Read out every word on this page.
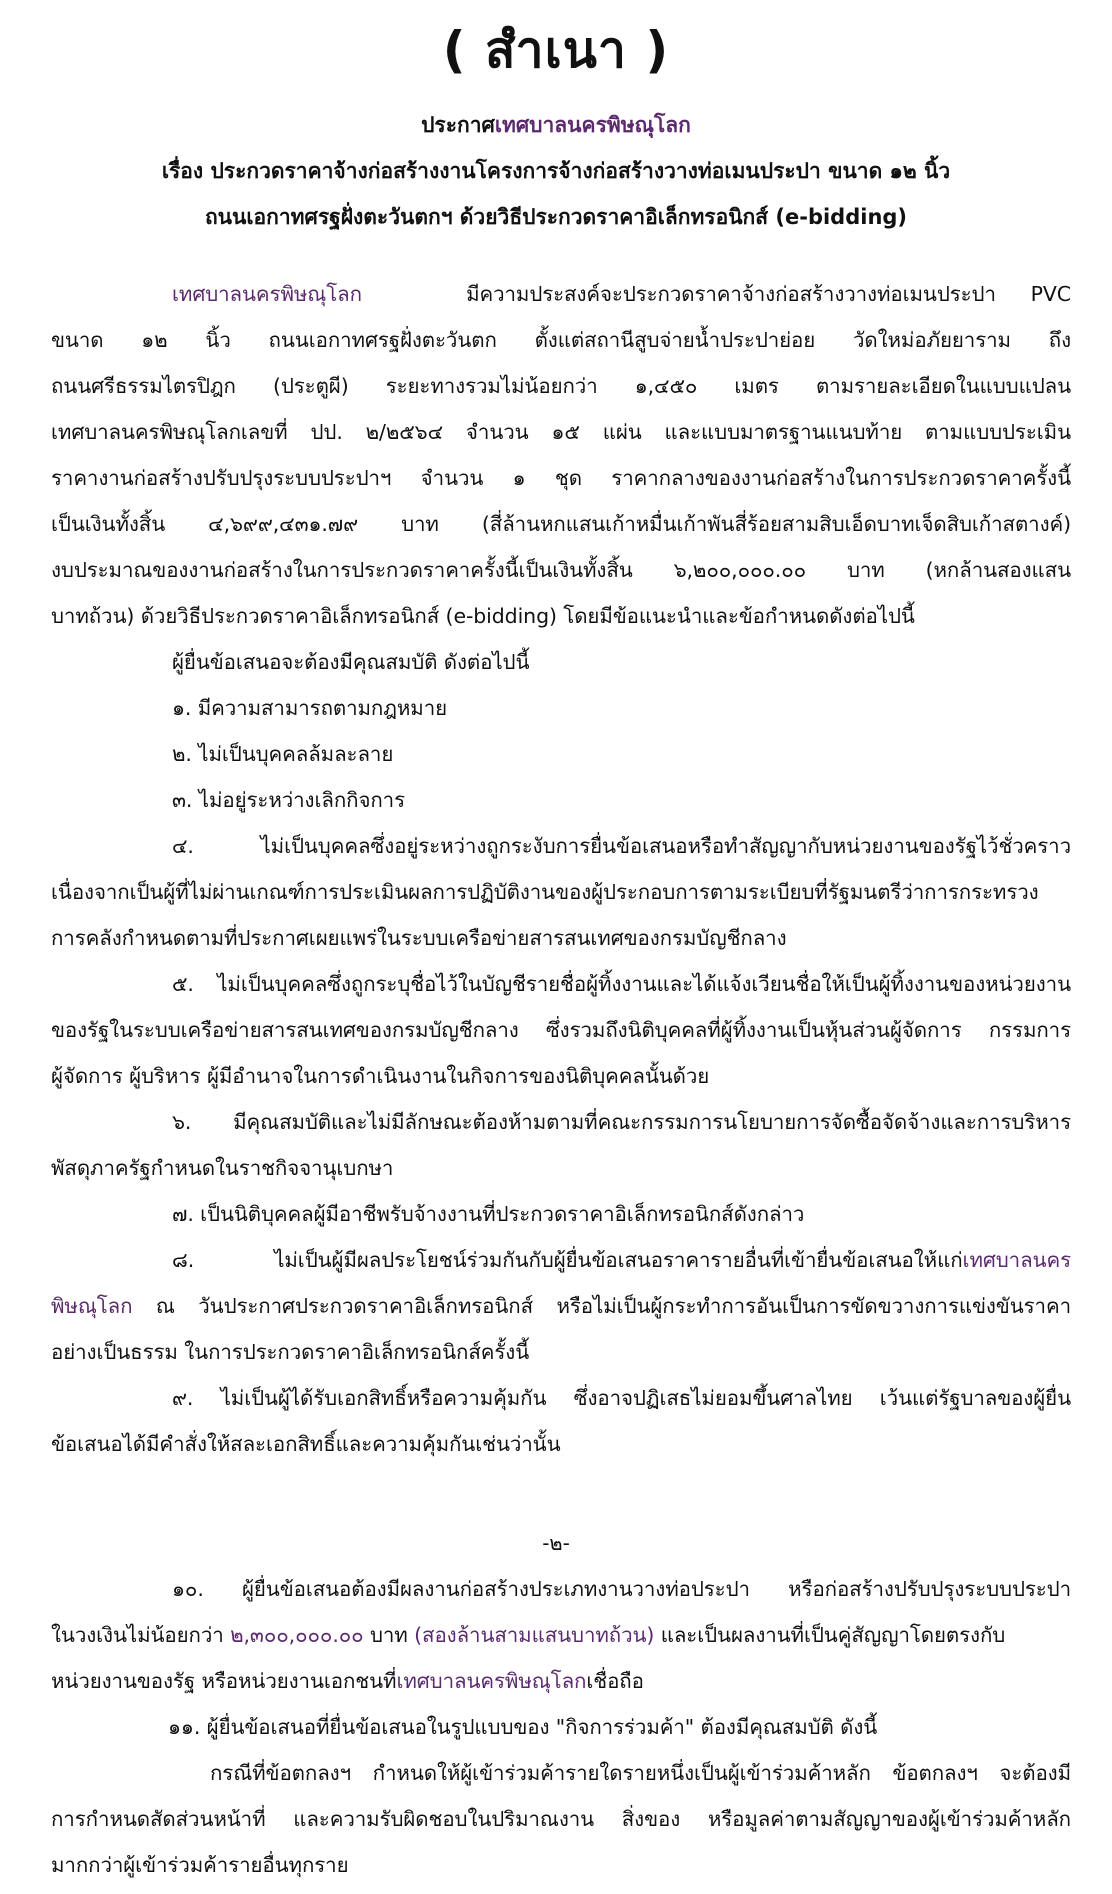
( สำเนา )
ประกาศเทศบาลนครพิษณุโลก
เรื่อง ประกวดราคาจ้างก่อสร้างงานโครงการจ้างก่อสร้างวางท่อเมนประปา ขนาด ๑๒ นิ้ว
ถนนเอกาทศรฐฝั่งตะวันตกฯ ด้วยวิธีประกวดราคาอิเล็กทรอนิกส์ (e-bidding)
เทศบาลนครพิษณุโลก	มีความประสงค์จะประกวดราคาจ้างก่อสร้างวางท่อเมนประปา PVC
ขนาด ๑๒ นิ้ว ถนนเอกาทศรฐฝั่งตะวันตก ตั้งแต่สถานีสูบจ่ายน้ำประปาย่อย วัดใหม่อภัยยาราม ถึง
ถนนศรีธรรมไตรปิฎก (ประตูผี) ระยะทางรวมไม่น้อยกว่า ๑,๔๕๐ เมตร ตามรายละเอียดในแบบแปลน
เทศบาลนครพิษณุโลกเลขที่ ปป. ๒/๒๕๖๔ จำนวน ๑๕ แผ่น และแบบมาตรฐานแนบท้าย ตามแบบประเมิน
ราคางานก่อสร้างปรับปรุงระบบประปาฯ จำนวน ๑ ชุด ราคากลางของงานก่อสร้างในการประกวดราคาครั้งนี้
เป็นเงินทั้งสิ้น ๔,๖๙๙,๔๓๑.๗๙ บาท (สี่ล้านหกแสนเก้าหมื่นเก้าพันสี่ร้อยสามสิบเอ็ดบาทเจ็ดสิบเก้าสตางค์)
งบประมาณของงานก่อสร้างในการประกวดราคาครั้งนี้เป็นเงินทั้งสิ้น ๖,๒๐๐,๐๐๐.๐๐ บาท (หกล้านสองแสน
บาทถ้วน) ด้วยวิธีประกวดราคาอิเล็กทรอนิกส์ (e-bidding) โดยมีข้อแนะนำและข้อกำหนดดังต่อไปนี้
ผู้ยื่นข้อเสนอจะต้องมีคุณสมบัติ ดังต่อไปนี้
๑. มีความสามารถตามกฎหมาย
๒. ไม่เป็นบุคคลล้มละลาย
๓. ไม่อยู่ระหว่างเลิกกิจการ
๔. ไม่เป็นบุคคลซึ่งอยู่ระหว่างถูกระงับการยื่นข้อเสนอหรือทำสัญญากับหน่วยงานของรัฐไว้ชั่วคราว
เนื่องจากเป็นผู้ที่ไม่ผ่านเกณฑ์การประเมินผลการปฏิบัติงานของผู้ประกอบการตามระเบียบที่รัฐมนตรีว่าการกระทรวง
การคลังกำหนดตามที่ประกาศเผยแพร่ในระบบเครือข่ายสารสนเทศของกรมบัญชีกลาง
๕. ไม่เป็นบุคคลซึ่งถูกระบุชื่อไว้ในบัญชีรายชื่อผู้ทิ้งงานและได้แจ้งเวียนชื่อให้เป็นผู้ทิ้งงานของหน่วยงาน
ของรัฐในระบบเครือข่ายสารสนเทศของกรมบัญชีกลาง ซึ่งรวมถึงนิติบุคคลที่ผู้ทิ้งงานเป็นหุ้นส่วนผู้จัดการ กรรมการ
ผู้จัดการ ผู้บริหาร ผู้มีอำนาจในการดำเนินงานในกิจการของนิติบุคคลนั้นด้วย
๖. มีคุณสมบัติและไม่มีลักษณะต้องห้ามตามที่คณะกรรมการนโยบายการจัดซื้อจัดจ้างและการบริหาร
พัสดุภาครัฐกำหนดในราชกิจจานุเบกษา
๗. เป็นนิติบุคคลผู้มีอาชีพรับจ้างงานที่ประกวดราคาอิเล็กทรอนิกส์ดังกล่าว
๘. ไม่เป็นผู้มีผลประโยชน์ร่วมกันกับผู้ยื่นข้อเสนอราคารายอื่นที่เข้ายื่นข้อเสนอให้แก่เทศบาลนคร
พิษณุโลก ณ วันประกาศประกวดราคาอิเล็กทรอนิกส์ หรือไม่เป็นผู้กระทำการอันเป็นการขัดขวางการแข่งขันราคา
อย่างเป็นธรรม ในการประกวดราคาอิเล็กทรอนิกส์ครั้งนี้
๙. ไม่เป็นผู้ได้รับเอกสิทธิ์หรือความคุ้มกัน ซึ่งอาจปฏิเสธไม่ยอมขึ้นศาลไทย เว้นแต่รัฐบาลของผู้ยื่น
ข้อเสนอได้มีคำสั่งให้สละเอกสิทธิ์และความคุ้มกันเช่นว่านั้น
-๒-
๑๐. ผู้ยื่นข้อเสนอต้องมีผลงานก่อสร้างประเภทงานวางท่อประปา หรือก่อสร้างปรับปรุงระบบประปา
ในวงเงินไม่น้อยกว่า ๒,๓๐๐,๐๐๐.๐๐ บาท (สองล้านสามแสนบาทถ้วน) และเป็นผลงานที่เป็นคู่สัญญาโดยตรงกับ
หน่วยงานของรัฐ หรือหน่วยงานเอกชนที่เทศบาลนครพิษณุโลกเชื่อถือ
๑๑. ผู้ยื่นข้อเสนอที่ยื่นข้อเสนอในรูปแบบของ "กิจการร่วมค้า" ต้องมีคุณสมบัติ ดังนี้
กรณีที่ข้อตกลงฯ กำหนดให้ผู้เข้าร่วมค้ารายใดรายหนึ่งเป็นผู้เข้าร่วมค้าหลัก ข้อตกลงฯ จะต้องมี
การกำหนดสัดส่วนหน้าที่ และความรับผิดชอบในปริมาณงาน สิ่งของ หรือมูลค่าตามสัญญาของผู้เข้าร่วมค้าหลัก
มากกว่าผู้เข้าร่วมค้ารายอื่นทุกราย
